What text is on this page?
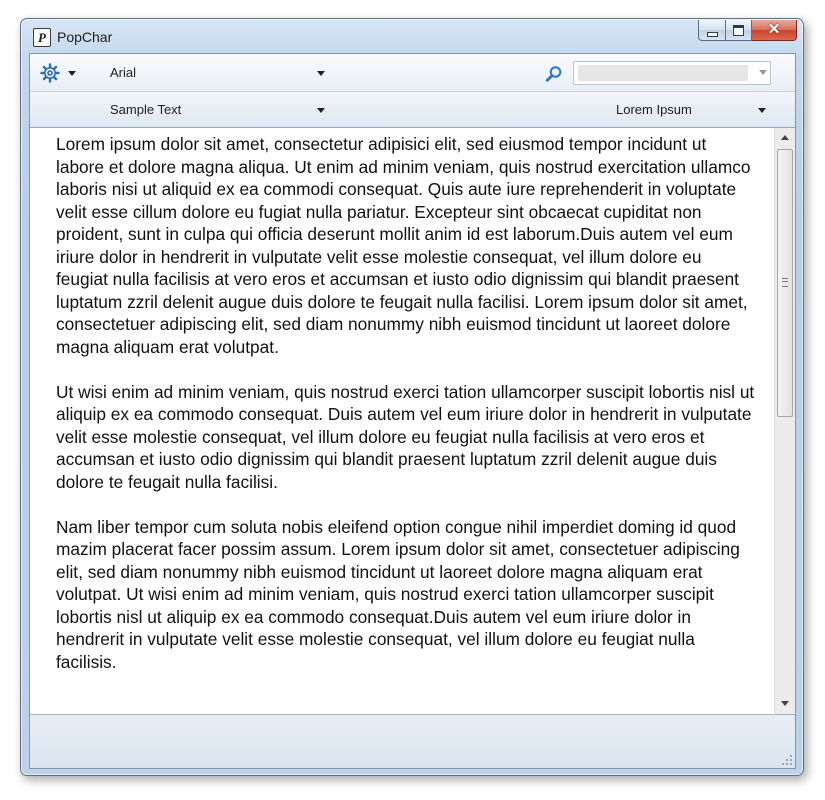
P PopChar	✕
Arial
Sample Text	Lorem Ipsum

Lorem ipsum dolor sit amet, consectetur adipisici elit, sed eiusmod tempor incidunt ut labore et dolore magna aliqua. Ut enim ad minim veniam, quis nostrud exercitation ullamco laboris nisi ut aliquid ex ea commodi consequat. Quis aute iure reprehenderit in voluptate velit esse cillum dolore eu fugiat nulla pariatur. Excepteur sint obcaecat cupiditat non proident, sunt in culpa qui officia deserunt mollit anim id est laborum.Duis autem vel eum iriure dolor in hendrerit in vulputate velit esse molestie consequat, vel illum dolore eu feugiat nulla facilisis at vero eros et accumsan et iusto odio dignissim qui blandit praesent luptatum zzril delenit augue duis dolore te feugait nulla facilisi. Lorem ipsum dolor sit amet, consectetuer adipiscing elit, sed diam nonummy nibh euismod tincidunt ut laoreet dolore magna aliquam erat volutpat.

Ut wisi enim ad minim veniam, quis nostrud exerci tation ullamcorper suscipit lobortis nisl ut aliquip ex ea commodo consequat. Duis autem vel eum iriure dolor in hendrerit in vulputate velit esse molestie consequat, vel illum dolore eu feugiat nulla facilisis at vero eros et accumsan et iusto odio dignissim qui blandit praesent luptatum zzril delenit augue duis dolore te feugait nulla facilisi.

Nam liber tempor cum soluta nobis eleifend option congue nihil imperdiet doming id quod mazim placerat facer possim assum. Lorem ipsum dolor sit amet, consectetuer adipiscing elit, sed diam nonummy nibh euismod tincidunt ut laoreet dolore magna aliquam erat volutpat. Ut wisi enim ad minim veniam, quis nostrud exerci tation ullamcorper suscipit lobortis nisl ut aliquip ex ea commodo consequat.Duis autem vel eum iriure dolor in hendrerit in vulputate velit esse molestie consequat, vel illum dolore eu feugiat nulla facilisis.
